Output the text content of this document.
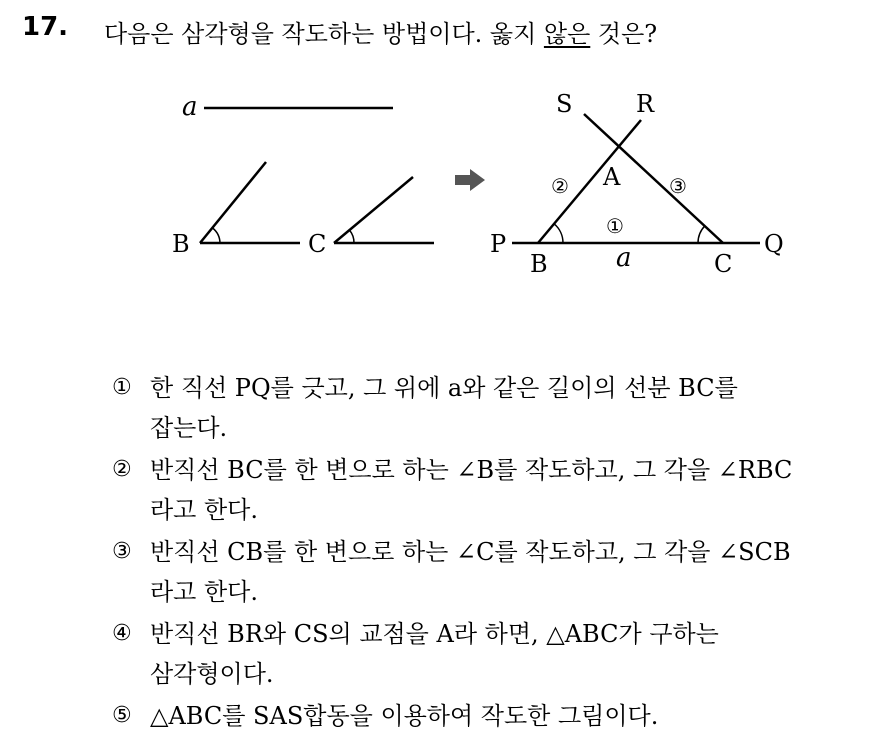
17. 다음은 삼각형을 작도하는 방법이다. 옳지 않은 것은?
a
B	C	P	Q
S	R
A
B	C
a
①
②	③
① 한 직선 PQ를 긋고, 그 위에 a와 같은 길이의 선분 BC를
잡는다.
② 반직선 BC를 한 변으로 하는 ∠B를 작도하고, 그 각을 ∠RBC
라고 한다.
③ 반직선 CB를 한 변으로 하는 ∠C를 작도하고, 그 각을 ∠SCB
라고 한다.
④ 반직선 BR와 CS의 교점을 A라 하면, △ABC가 구하는
삼각형이다.
⑤ △ABC를 SAS합동을 이용하여 작도한 그림이다.
